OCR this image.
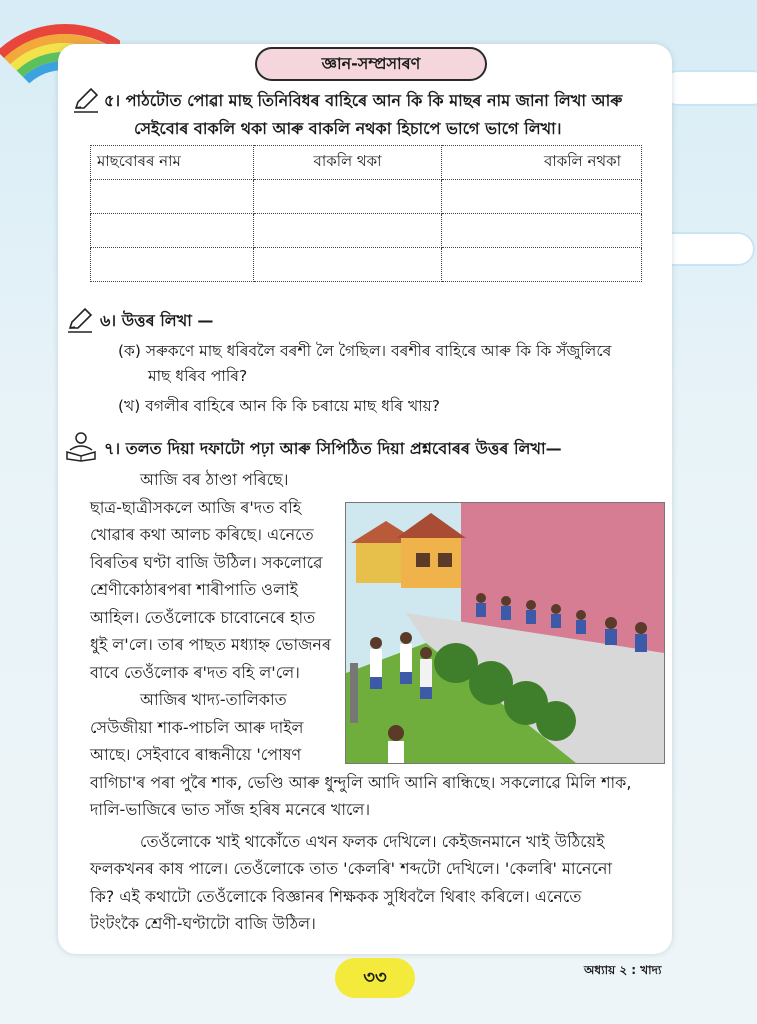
জ্ঞান-সম্প্ৰসাৰণ
৫। পাঠটোত পোৱা মাছ তিনিবিধৰ বাহিৰে আন কি কি মাছৰ নাম জানা লিখা আৰু
সেইবোৰ বাকলি থকা আৰু বাকলি নথকা হিচাপে ভাগে ভাগে লিখা।
মাছবোৰৰ নাম	বাকলি থকা	বাকলি নথকা

৬। উত্তৰ লিখা —
(ক) সৰুকণে মাছ ধৰিবলৈ বৰশী লৈ গৈছিল। বৰশীৰ বাহিৰে আৰু কি কি সঁজুলিৰে
মাছ ধৰিব পাৰি?
(খ) বগলীৰ বাহিৰে আন কি কি চৰায়ে মাছ ধৰি খায়?
৭। তলত দিয়া দফাটো পঢ়া আৰু সিপিঠিত দিয়া প্ৰশ্নবোৰৰ উত্তৰ লিখা—
আজি বৰ ঠাণ্ডা পৰিছে।
ছাত্ৰ-ছাত্ৰীসকলে আজি ৰ'দত বহি
খোৱাৰ কথা আলচ কৰিছে। এনেতে
বিৰতিৰ ঘণ্টা বাজি উঠিল। সকলোৱে
শ্ৰেণীকোঠাৰপৰা শাৰীপাতি ওলাই
আহিল। তেওঁলোকে চাবোনেৰে হাত
ধুই ল'লে। তাৰ পাছত মধ্যাহ্ন ভোজনৰ
বাবে তেওঁলোক ৰ'দত বহি ল'লে।
আজিৰ খাদ্য-তালিকাত
সেউজীয়া শাক-পাচলি আৰু দাইল
আছে। সেইবাবে ৰান্ধনীয়ে 'পোষণ
বাগিচা'ৰ পৰা পুৰৈ শাক, ভেণ্ডি আৰু ধুন্দুলি আদি আনি ৰান্ধিছে। সকলোৱে মিলি শাক,
দালি-ভাজিৰে ভাত সাঁজ হৰিষ মনেৰে খালে।
তেওঁলোকে খাই থাকোঁতে এখন ফলক দেখিলে। কেইজনমানে খাই উঠিয়েই
ফলকখনৰ কাষ পালে। তেওঁলোকে তাত 'কেলৰি' শব্দটো দেখিলে। 'কেলৰি' মানেনো
কি? এই কথাটো তেওঁলোকে বিজ্ঞানৰ শিক্ষকক সুধিবলৈ থিৰাং কৰিলে। এনেতে
টংটংকৈ শ্ৰেণী-ঘণ্টাটো বাজি উঠিল।
৩৩	অধ্যায় ২ : খাদ্য
